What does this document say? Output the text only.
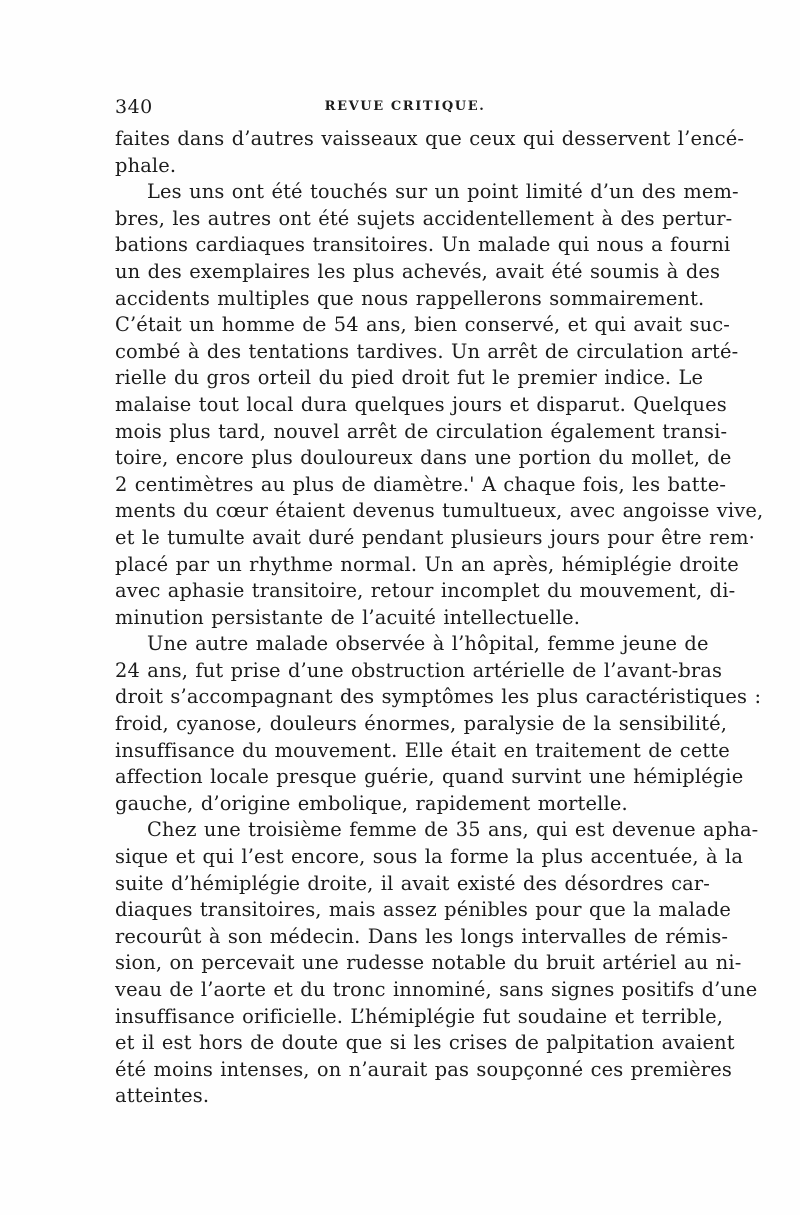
340	REVUE CRITIQUE.
faites dans d’autres vaisseaux que ceux qui desservent l’encé-
phale.
Les uns ont été touchés sur un point limité d’un des mem-
bres, les autres ont été sujets accidentellement à des pertur-
bations cardiaques transitoires. Un malade qui nous a fourni
un des exemplaires les plus achevés, avait été soumis à des
accidents multiples que nous rappellerons sommairement.
C’était un homme de 54 ans, bien conservé, et qui avait suc-
combé à des tentations tardives. Un arrêt de circulation arté-
rielle du gros orteil du pied droit fut le premier indice. Le
malaise tout local dura quelques jours et disparut. Quelques
mois plus tard, nouvel arrêt de circulation également transi-
toire, encore plus douloureux dans une portion du mollet, de
2 centimètres au plus de diamètre.' A chaque fois, les batte-
ments du cœur étaient devenus tumultueux, avec angoisse vive,
et le tumulte avait duré pendant plusieurs jours pour être rem·
placé par un rhythme normal. Un an après, hémiplégie droite
avec aphasie transitoire, retour incomplet du mouvement, di-
minution persistante de l’acuité intellectuelle.
Une autre malade observée à l’hôpital, femme jeune de
24 ans, fut prise d’une obstruction artérielle de l’avant-bras
droit s’accompagnant des symptômes les plus caractéristiques :
froid, cyanose, douleurs énormes, paralysie de la sensibilité,
insuffisance du mouvement. Elle était en traitement de cette
affection locale presque guérie, quand survint une hémiplégie
gauche, d’origine embolique, rapidement mortelle.
Chez une troisième femme de 35 ans, qui est devenue apha-
sique et qui l’est encore, sous la forme la plus accentuée, à la
suite d’hémiplégie droite, il avait existé des désordres car-
diaques transitoires, mais assez pénibles pour que la malade
recourût à son médecin. Dans les longs intervalles de rémis-
sion, on percevait une rudesse notable du bruit artériel au ni-
veau de l’aorte et du tronc innominé, sans signes positifs d’une
insuffisance orificielle. L’hémiplégie fut soudaine et terrible,
et il est hors de doute que si les crises de palpitation avaient
été moins intenses, on n’aurait pas soupçonné ces premières
atteintes.
